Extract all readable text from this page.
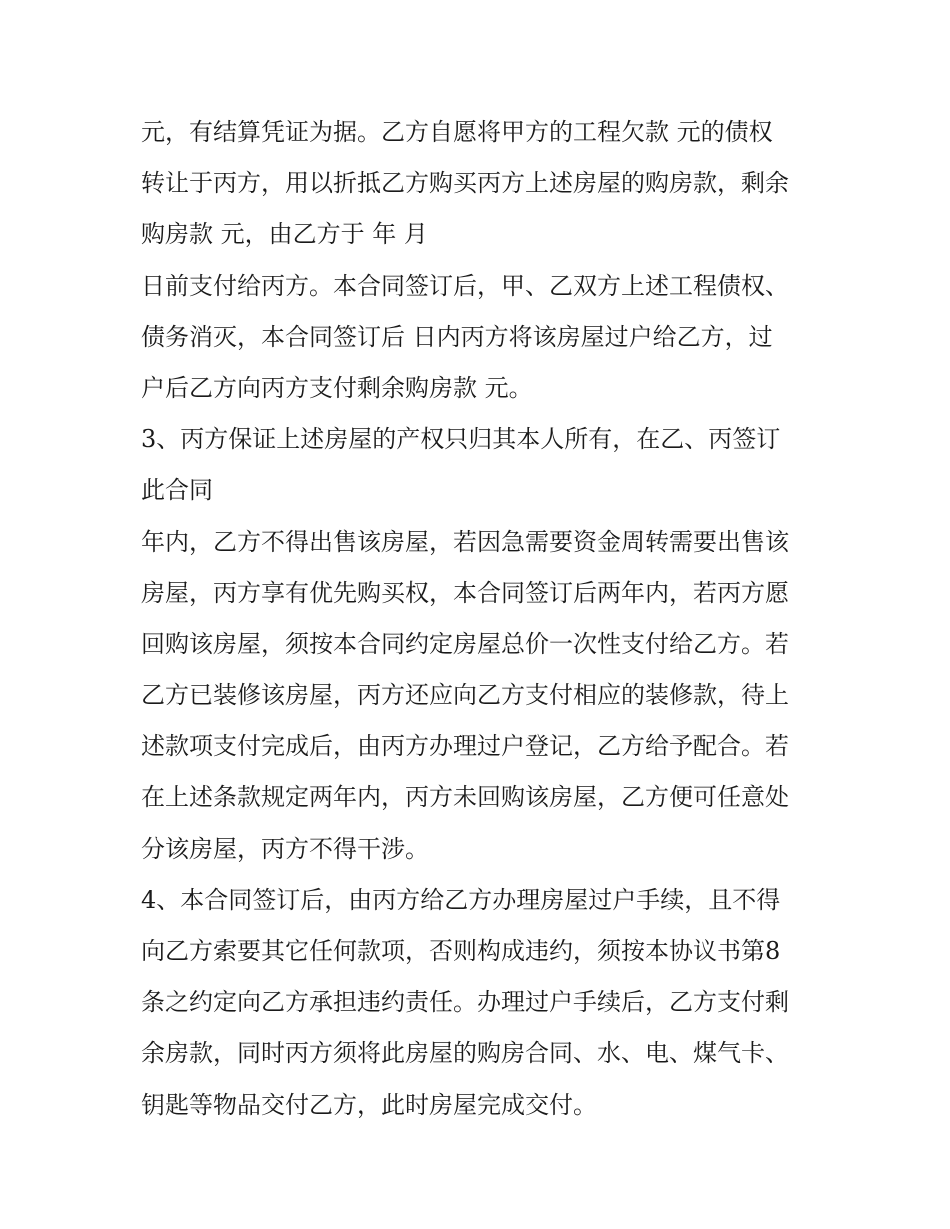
元，有结算凭证为据。乙方自愿将甲方的工程欠款 元的债权
转让于丙方，用以折抵乙方购买丙方上述房屋的购房款，剩余
购房款 元，由乙方于 年 月
日前支付给丙方。本合同签订后，甲、乙双方上述工程债权、
债务消灭，本合同签订后 日内丙方将该房屋过户给乙方，过
户后乙方向丙方支付剩余购房款 元。
3、丙方保证上述房屋的产权只归其本人所有，在乙、丙签订
此合同
年内，乙方不得出售该房屋，若因急需要资金周转需要出售该
房屋，丙方享有优先购买权，本合同签订后两年内，若丙方愿
回购该房屋，须按本合同约定房屋总价一次性支付给乙方。若
乙方已装修该房屋，丙方还应向乙方支付相应的装修款，待上
述款项支付完成后，由丙方办理过户登记，乙方给予配合。若
在上述条款规定两年内，丙方未回购该房屋，乙方便可任意处
分该房屋，丙方不得干涉。
4、本合同签订后，由丙方给乙方办理房屋过户手续，且不得
向乙方索要其它任何款项，否则构成违约，须按本协议书第8
条之约定向乙方承担违约责任。办理过户手续后，乙方支付剩
余房款，同时丙方须将此房屋的购房合同、水、电、煤气卡、
钥匙等物品交付乙方，此时房屋完成交付。
